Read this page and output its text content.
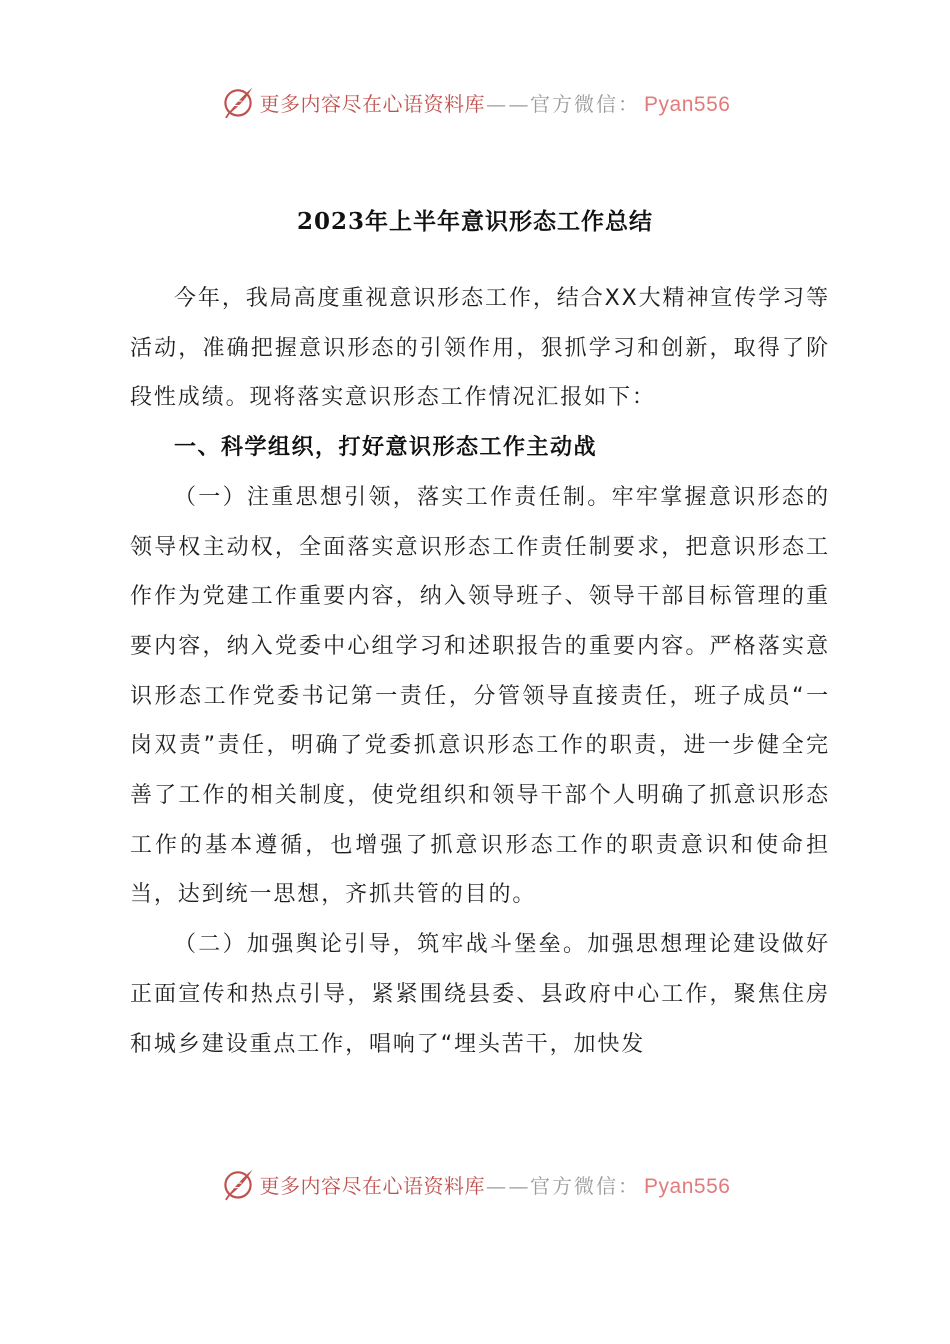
更多内容尽在心语资料库— —官方微信： Pyan556
2023年上半年意识形态工作总结

今年，我局高度重视意识形态工作，结合XX大精神宣传学习等活动，准确把握意识形态的引领作用，狠抓学习和创新，取得了阶段性成绩。现将落实意识形态工作情况汇报如下：

一、科学组织，打好意识形态工作主动战

（一）注重思想引领，落实工作责任制。牢牢掌握意识形态的领导权主动权，全面落实意识形态工作责任制要求，把意识形态工作作为党建工作重要内容，纳入领导班子、领导干部目标管理的重要内容，纳入党委中心组学习和述职报告的重要内容。严格落实意识形态工作党委书记第一责任，分管领导直接责任，班子成员“一岗双责”责任，明确了党委抓意识形态工作的职责，进一步健全完善了工作的相关制度，使党组织和领导干部个人明确了抓意识形态工作的基本遵循，也增强了抓意识形态工作的职责意识和使命担当，达到统一思想，齐抓共管的目的。

（二）加强舆论引导，筑牢战斗堡垒。加强思想理论建设做好正面宣传和热点引导，紧紧围绕县委、县政府中心工作，聚焦住房和城乡建设重点工作，唱响了“埋头苦干，加快发

更多内容尽在心语资料库— —官方微信： Pyan556
